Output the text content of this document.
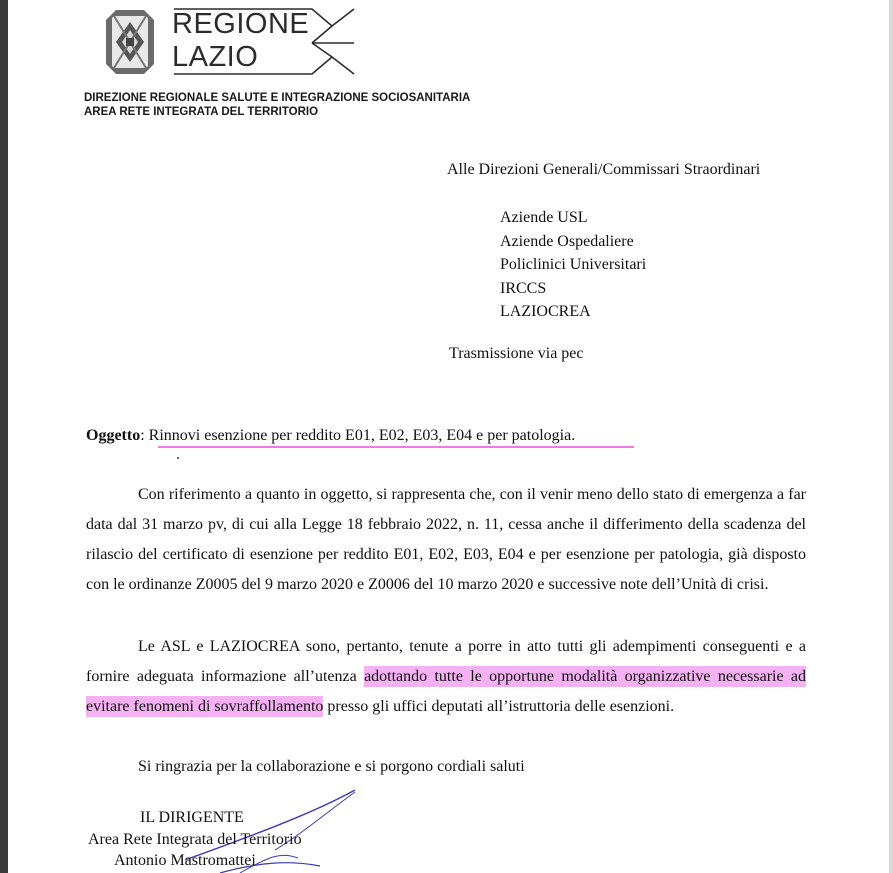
REGIONE
LAZIO
DIREZIONE REGIONALE SALUTE E INTEGRAZIONE SOCIOSANITARIA
AREA RETE INTEGRATA DEL TERRITORIO
Alle Direzioni Generali/Commissari Straordinari
Aziende USL
Aziende Ospedaliere
Policlinici Universitari
IRCCS
LAZIOCREA
Trasmissione via pec
Oggetto: Rinnovi esenzione per reddito E01, E02, E03, E04 e per patologia.
Con riferimento a quanto in oggetto, si rappresenta che, con il venir meno dello stato di emergenza a far data dal 31 marzo pv, di cui alla Legge 18 febbraio 2022, n. 11, cessa anche il differimento della scadenza del rilascio del certificato di esenzione per reddito E01, E02, E03, E04 e per esenzione per patologia, già disposto con le ordinanze Z0005 del 9 marzo 2020 e Z0006 del 10 marzo 2020 e successive note dell’Unità di crisi.
Le ASL e LAZIOCREA sono, pertanto, tenute a porre in atto tutti gli adempimenti conseguenti e a fornire adeguata informazione all’utenza adottando tutte le opportune modalità organizzative necessarie ad evitare fenomeni di sovraffollamento presso gli uffici deputati all’istruttoria delle esenzioni.
Si ringrazia per la collaborazione e si porgono cordiali saluti
IL DIRIGENTE
Area Rete Integrata del Territorio
Antonio Mastromattei
